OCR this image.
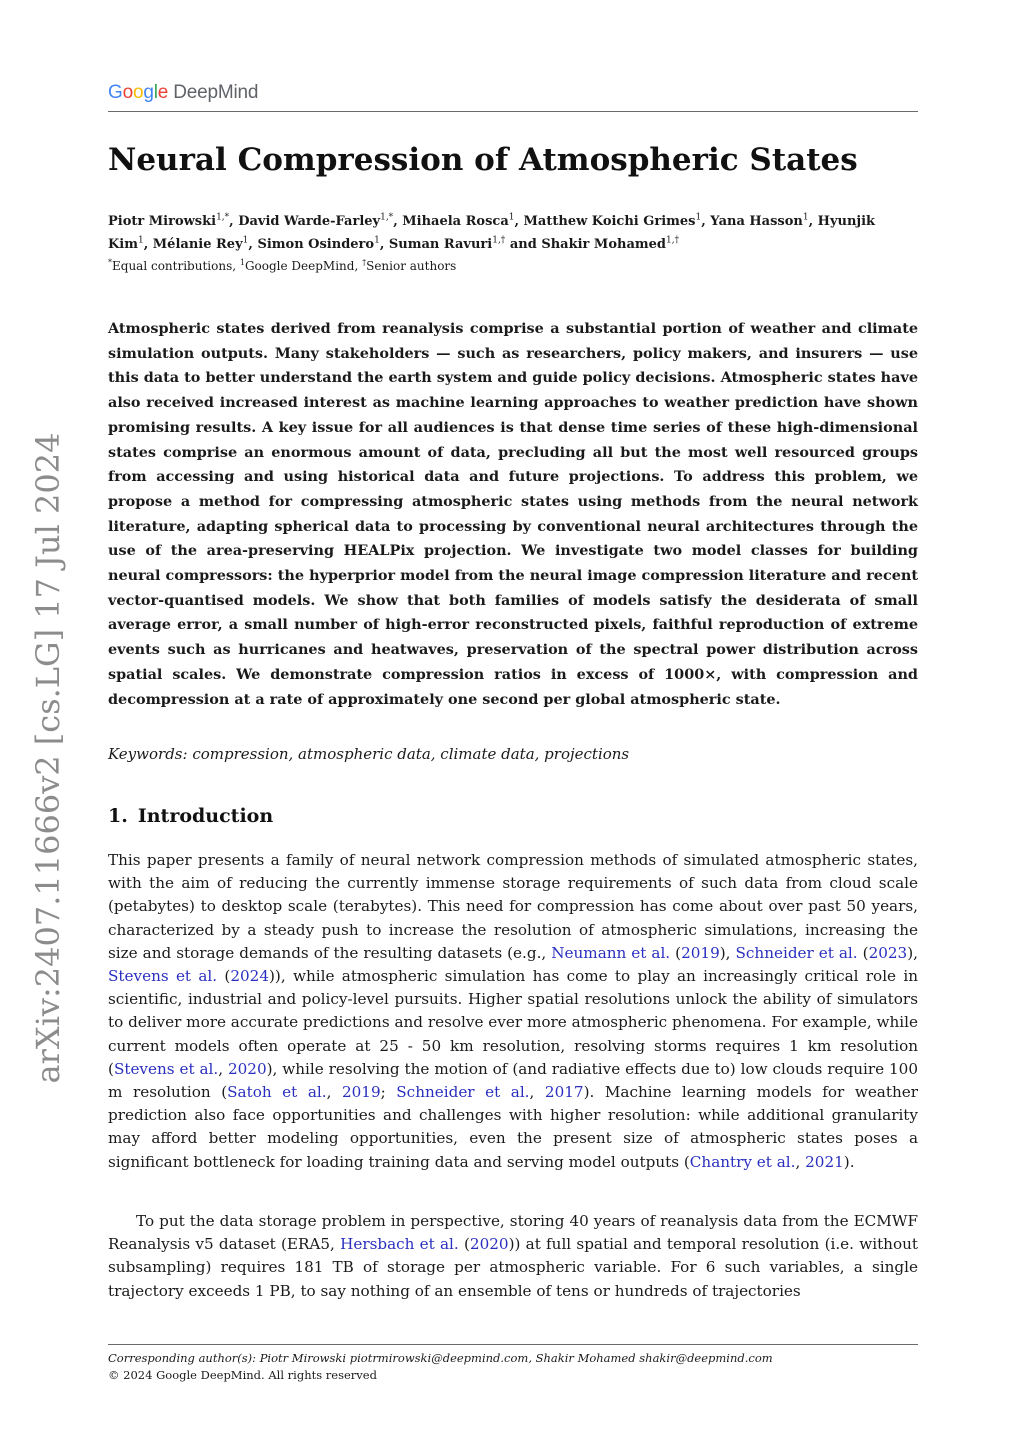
Google DeepMind
arXiv:2407.11666v2 [cs.LG] 17 Jul 2024
Neural Compression of Atmospheric States
Piotr Mirowski$^{1,*}$, David Warde-Farley$^{1,*}$, Mihaela Rosca$^1$, Matthew Koichi Grimes$^1$, Yana Hasson$^1$, Hyunjik Kim$^1$, Mélanie Rey$^1$, Simon Osindero$^1$, Suman Ravuri$^{1,\dagger}$ and Shakir Mohamed$^{1,\dagger}$
*Equal contributions, $^1$Google DeepMind, †Senior authors

Atmospheric states derived from reanalysis comprise a substantial portion of weather and climate simulation outputs. Many stakeholders — such as researchers, policy makers, and insurers — use this data to better understand the earth system and guide policy decisions. Atmospheric states have also received increased interest as machine learning approaches to weather prediction have shown promising results. A key issue for all audiences is that dense time series of these high-dimensional states comprise an enormous amount of data, precluding all but the most well resourced groups from accessing and using historical data and future projections. To address this problem, we propose a method for compressing atmospheric states using methods from the neural network literature, adapting spherical data to processing by conventional neural architectures through the use of the area-preserving HEALPix projection. We investigate two model classes for building neural compressors: the hyperprior model from the neural image compression literature and recent vector-quantised models. We show that both families of models satisfy the desiderata of small average error, a small number of high-error reconstructed pixels, faithful reproduction of extreme events such as hurricanes and heatwaves, preservation of the spectral power distribution across spatial scales. We demonstrate compression ratios in excess of 1000×, with compression and decompression at a rate of approximately one second per global atmospheric state.

Keywords: compression, atmospheric data, climate data, projections
1. Introduction

This paper presents a family of neural network compression methods of simulated atmospheric states, with the aim of reducing the currently immense storage requirements of such data from cloud scale (petabytes) to desktop scale (terabytes). This need for compression has come about over past 50 years, characterized by a steady push to increase the resolution of atmospheric simulations, increasing the size and storage demands of the resulting datasets (e.g., Neumann et al. (2019), Schneider et al. (2023), Stevens et al. (2024)), while atmospheric simulation has come to play an increasingly critical role in scientific, industrial and policy-level pursuits. Higher spatial resolutions unlock the ability of simulators to deliver more accurate predictions and resolve ever more atmospheric phenomena. For example, while current models often operate at 25 - 50 km resolution, resolving storms requires 1 km resolution (Stevens et al., 2020), while resolving the motion of (and radiative effects due to) low clouds require 100 m resolution (Satoh et al., 2019; Schneider et al., 2017). Machine learning models for weather prediction also face opportunities and challenges with higher resolution: while additional granularity may afford better modeling opportunities, even the present size of atmospheric states poses a significant bottleneck for loading training data and serving model outputs (Chantry et al., 2021).

To put the data storage problem in perspective, storing 40 years of reanalysis data from the ECMWF Reanalysis v5 dataset (ERA5, Hersbach et al. (2020)) at full spatial and temporal resolution (i.e. without subsampling) requires 181 TB of storage per atmospheric variable. For 6 such variables, a single trajectory exceeds 1 PB, to say nothing of an ensemble of tens or hundreds of trajectories

Corresponding author(s): Piotr Mirowski piotrmirowski@deepmind.com, Shakir Mohamed shakir@deepmind.com
© 2024 Google DeepMind. All rights reserved
